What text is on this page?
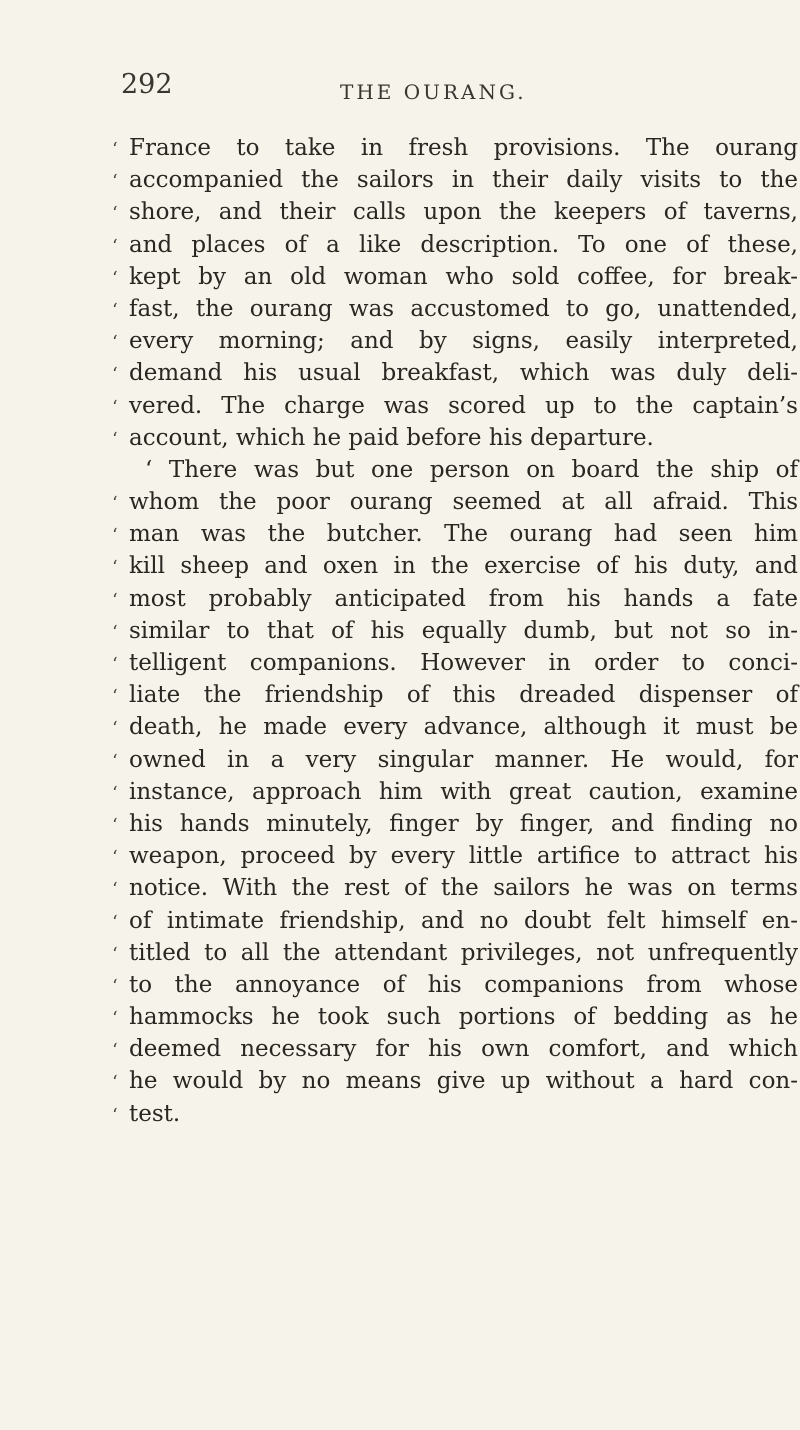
292	THE OURANG.
‘ France to take in fresh provisions. The ourang
‘ accompanied the sailors in their daily visits to the
‘ shore, and their calls upon the keepers of taverns,
‘ and places of a like description. To one of these,
‘ kept by an old woman who sold coffee, for break-
‘ fast, the ourang was accustomed to go, unattended,
‘ every morning; and by signs, easily interpreted,
‘ demand his usual breakfast, which was duly deli-
‘ vered. The charge was scored up to the captain’s
‘ account, which he paid before his departure.
‘ There was but one person on board the ship of
‘ whom the poor ourang seemed at all afraid. This
‘ man was the butcher. The ourang had seen him
‘ kill sheep and oxen in the exercise of his duty, and
‘ most probably anticipated from his hands a fate
‘ similar to that of his equally dumb, but not so in-
‘ telligent companions. However in order to conci-
‘ liate the friendship of this dreaded dispenser of
‘ death, he made every advance, although it must be
‘ owned in a very singular manner. He would, for
‘ instance, approach him with great caution, examine
‘ his hands minutely, finger by finger, and finding no
‘ weapon, proceed by every little artifice to attract his
‘ notice. With the rest of the sailors he was on terms
‘ of intimate friendship, and no doubt felt himself en-
‘ titled to all the attendant privileges, not unfrequently
‘ to the annoyance of his companions from whose
‘ hammocks he took such portions of bedding as he
‘ deemed necessary for his own comfort, and which
‘ he would by no means give up without a hard con-
‘ test.
